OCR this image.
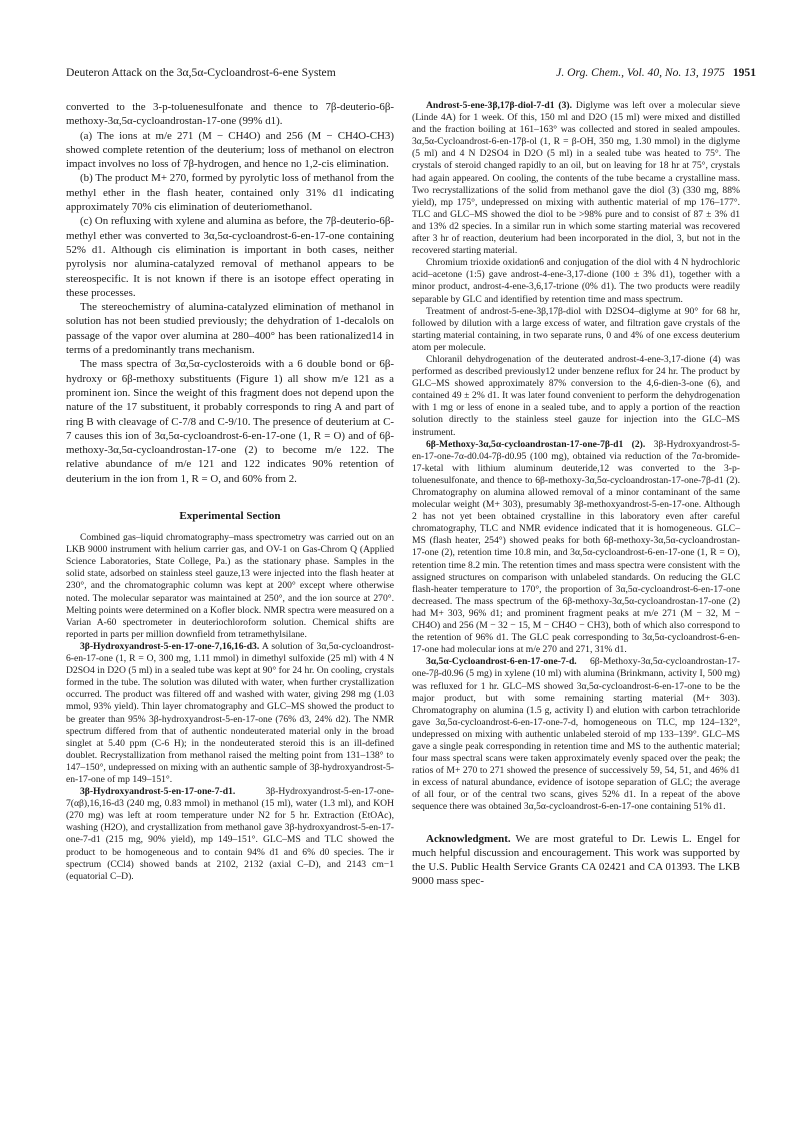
Deuteron Attack on the 3α,5α-Cycloandrost-6-ene System	J. Org. Chem., Vol. 40, No. 13, 1975 1951

converted to the 3-p-toluenesulfonate and thence to 7β-deuterio-6β-methoxy-3α,5α-cycloandrostan-17-one (99% d1).

(a) The ions at m/e 271 (M − CH4O) and 256 (M − CH4O-CH3) showed complete retention of the deuterium; loss of methanol on electron impact involves no loss of 7β-hydrogen, and hence no 1,2-cis elimination.

(b) The product M+ 270, formed by pyrolytic loss of methanol from the methyl ether in the flash heater, contained only 31% d1 indicating approximately 70% cis elimination of deuteriomethanol.

(c) On refluxing with xylene and alumina as before, the 7β-deuterio-6β-methyl ether was converted to 3α,5α-cycloandrost-6-en-17-one containing 52% d1. Although cis elimination is important in both cases, neither pyrolysis nor alumina-catalyzed removal of methanol appears to be stereospecific. It is not known if there is an isotope effect operating in these processes.

The stereochemistry of alumina-catalyzed elimination of methanol in solution has not been studied previously; the dehydration of 1-decalols on passage of the vapor over alumina at 280–400° has been rationalized14 in terms of a predominantly trans mechanism.

The mass spectra of 3α,5α-cyclosteroids with a 6 double bond or 6β-hydroxy or 6β-methoxy substituents (Figure 1) all show m/e 121 as a prominent ion. Since the weight of this fragment does not depend upon the nature of the 17 substituent, it probably corresponds to ring A and part of ring B with cleavage of C-7/8 and C-9/10. The presence of deuterium at C-7 causes this ion of 3α,5α-cycloandrost-6-en-17-one (1, R = O) and of 6β-methoxy-3α,5α-cycloandrostan-17-one (2) to become m/e 122. The relative abundance of m/e 121 and 122 indicates 90% retention of deuterium in the ion from 1, R = O, and 60% from 2.

Experimental Section

Combined gas–liquid chromatography–mass spectrometry was carried out on an LKB 9000 instrument with helium carrier gas, and OV-1 on Gas-Chrom Q (Applied Science Laboratories, State College, Pa.) as the stationary phase. Samples in the solid state, adsorbed on stainless steel gauze,13 were injected into the flash heater at 230°, and the chromatographic column was kept at 200° except where otherwise noted. The molecular separator was maintained at 250°, and the ion source at 270°. Melting points were determined on a Kofler block. NMR spectra were measured on a Varian A-60 spectrometer in deuteriochloroform solution. Chemical shifts are reported in parts per million downfield from tetramethylsilane.

3β-Hydroxyandrost-5-en-17-one-7,16,16-d3. A solution of 3α,5α-cycloandrost-6-en-17-one (1, R = O, 300 mg, 1.11 mmol) in dimethyl sulfoxide (25 ml) with 4 N D2SO4 in D2O (5 ml) in a sealed tube was kept at 90° for 24 hr. On cooling, crystals formed in the tube. The solution was diluted with water, when further crystallization occurred. The product was filtered off and washed with water, giving 298 mg (1.03 mmol, 93% yield). Thin layer chromatography and GLC–MS showed the product to be greater than 95% 3β-hydroxyandrost-5-en-17-one (76% d3, 24% d2). The NMR spectrum differed from that of authentic nondeuterated material only in the broad singlet at 5.40 ppm (C-6 H); in the nondeuterated steroid this is an ill-defined doublet. Recrystallization from methanol raised the melting point from 131–138° to 147–150°, undepressed on mixing with an authentic sample of 3β-hydroxyandrost-5-en-17-one of mp 149–151°.

3β-Hydroxyandrost-5-en-17-one-7-d1.	3β-Hydroxyandrost-5-en-17-one-7(αβ),16,16-d3 (240 mg, 0.83 mmol) in methanol (15 ml), water (1.3 ml), and KOH (270 mg) was left at room temperature under N2 for 5 hr. Extraction (EtOAc), washing (H2O), and crystallization from methanol gave 3β-hydroxyandrost-5-en-17-one-7-d1 (215 mg, 90% yield), mp 149–151°. GLC–MS and TLC showed the product to be homogeneous and to contain 94% d1 and 6% d0 species. The ir spectrum (CCl4) showed bands at 2102, 2132 (axial C–D), and 2143 cm−1 (equatorial C–D).

Androst-5-ene-3β,17β-diol-7-d1 (3). Diglyme was left over a molecular sieve (Linde 4A) for 1 week. Of this, 150 ml and D2O (15 ml) were mixed and distilled and the fraction boiling at 161–163° was collected and stored in sealed ampoules. 3α,5α-Cycloandrost-6-en-17β-ol (1, R = β-OH, 350 mg, 1.30 mmol) in the diglyme (5 ml) and 4 N D2SO4 in D2O (5 ml) in a sealed tube was heated to 75°. The crystals of steroid changed rapidly to an oil, but on leaving for 18 hr at 75°, crystals had again appeared. On cooling, the contents of the tube became a crystalline mass. Two recrystallizations of the solid from methanol gave the diol (3) (330 mg, 88% yield), mp 175°, undepressed on mixing with authentic material of mp 176–177°. TLC and GLC–MS showed the diol to be >98% pure and to consist of 87 ± 3% d1 and 13% d2 species. In a similar run in which some starting material was recovered after 3 hr of reaction, deuterium had been incorporated in the diol, 3, but not in the recovered starting material.

Chromium trioxide oxidation6 and conjugation of the diol with 4 N hydrochloric acid–acetone (1:5) gave androst-4-ene-3,17-dione (100 ± 3% d1), together with a minor product, androst-4-ene-3,6,17-trione (0% d1). The two products were readily separable by GLC and identified by retention time and mass spectrum.

Treatment of androst-5-ene-3β,17β-diol with D2SO4–diglyme at 90° for 68 hr, followed by dilution with a large excess of water, and filtration gave crystals of the starting material containing, in two separate runs, 0 and 4% of one excess deuterium atom per molecule.

Chloranil dehydrogenation of the deuterated androst-4-ene-3,17-dione (4) was performed as described previously12 under benzene reflux for 24 hr. The product by GLC–MS showed approximately 87% conversion to the 4,6-dien-3-one (6), and contained 49 ± 2% d1. It was later found convenient to perform the dehydrogenation with 1 mg or less of enone in a sealed tube, and to apply a portion of the reaction solution directly to the stainless steel gauze for injection into the GLC–MS instrument.

6β-Methoxy-3α,5α-cycloandrostan-17-one-7β-d1 (2). 3β-Hydroxyandrost-5-en-17-one-7α-d0.04-7β-d0.95 (100 mg), obtained via reduction of the 7α-bromide-17-ketal with lithium aluminum deuteride,12 was converted to the 3-p-toluenesulfonate, and thence to 6β-methoxy-3α,5α-cycloandrostan-17-one-7β-d1 (2). Chromatography on alumina allowed removal of a minor contaminant of the same molecular weight (M+ 303), presumably 3β-methoxyandrost-5-en-17-one. Although 2 has not yet been obtained crystalline in this laboratory even after careful chromatography, TLC and NMR evidence indicated that it is homogeneous. GLC–MS (flash heater, 254°) showed peaks for both 6β-methoxy-3α,5α-cycloandrostan-17-one (2), retention time 10.8 min, and 3α,5α-cycloandrost-6-en-17-one (1, R = O), retention time 8.2 min. The retention times and mass spectra were consistent with the assigned structures on comparison with unlabeled standards. On reducing the GLC flash-heater temperature to 170°, the proportion of 3α,5α-cycloandrost-6-en-17-one decreased. The mass spectrum of the 6β-methoxy-3α,5α-cycloandrostan-17-one (2) had M+ 303, 96% d1; and prominent fragment peaks at m/e 271 (M − 32, M − CH4O) and 256 (M − 32 − 15, M − CH4O − CH3), both of which also correspond to the retention of 96% d1. The GLC peak corresponding to 3α,5α-cycloandrost-6-en-17-one had molecular ions at m/e 270 and 271, 31% d1.

3α,5α-Cycloandrost-6-en-17-one-7-d. 6β-Methoxy-3α,5α-cycloandrostan-17-one-7β-d0.96 (5 mg) in xylene (10 ml) with alumina (Brinkmann, activity I, 500 mg) was refluxed for 1 hr. GLC–MS showed 3α,5α-cycloandrost-6-en-17-one to be the major product, but with some remaining starting material (M+ 303). Chromatography on alumina (1.5 g, activity I) and elution with carbon tetrachloride gave 3α,5α-cycloandrost-6-en-17-one-7-d, homogeneous on TLC, mp 124–132°, undepressed on mixing with authentic unlabeled steroid of mp 133–139°. GLC–MS gave a single peak corresponding in retention time and MS to the authentic material; four mass spectral scans were taken approximately evenly spaced over the peak; the ratios of M+ 270 to 271 showed the presence of successively 59, 54, 51, and 46% d1 in excess of natural abundance, evidence of isotope separation of GLC; the average of all four, or of the central two scans, gives 52% d1. In a repeat of the above sequence there was obtained 3α,5α-cycloandrost-6-en-17-one containing 51% d1.

Acknowledgment. We are most grateful to Dr. Lewis L. Engel for much helpful discussion and encouragement. This work was supported by the U.S. Public Health Service Grants CA 02421 and CA 01393. The LKB 9000 mass spec-
